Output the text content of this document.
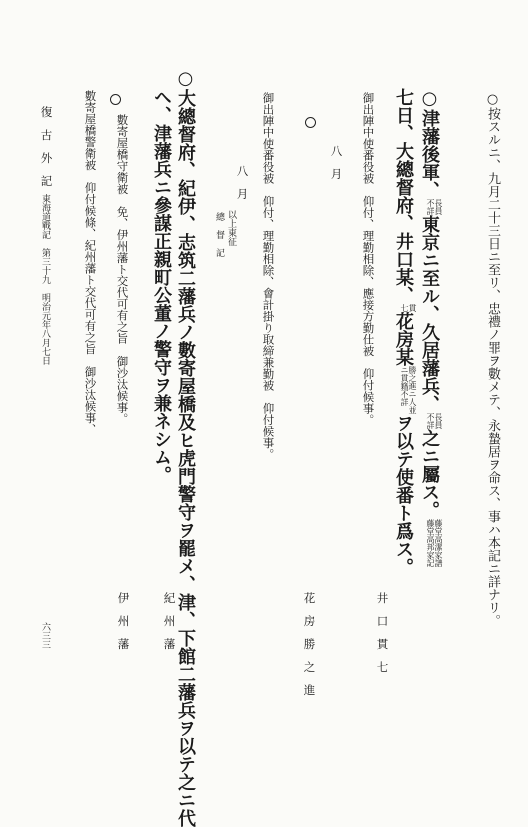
○按スルニ、九月二十三日ニ至リ、忠禮ノ罪ヲ數メテ、永蟄居ヲ命ス、事ハ本記ニ詳ナリ。
○津藩後軍、
長員
不詳
東京ニ至ル、久居藩兵、
長員
不詳
之ニ屬ス。
藤堂高潔家譜
藤堂高邦家記
七日、大總督府、井口某、
貫
七
花房某
勝之進ニ人並
ニ貫籍不詳
ヲ以テ使番ト爲ス。
御出陣中使番役被　仰付、理勤相除、應接方勤仕被　仰付候事。
八　月
井　口　貫　七
花　房　勝　之　進
御出陣中使番役被　仰付、理勤相除、會計掛り取締兼勤被　仰付候事。
八　月
以上東征
總　督　記
○大總督府、紀伊、志筑二藩兵ノ數寄屋橋及ヒ虎門警守ヲ罷メ、津、下館二藩兵ヲ以テ之ニ代
ヘ、津藩兵ニ參謀正親町公董ノ警守ヲ兼ネシム。
數寄屋橋守衛被　免、伊州藩ト交代可有之旨　御沙汰候事。
紀　州　藩
數寄屋橋警衛被　仰付候條、紀州藩ト交代可有之旨　御沙汰候事、
伊　州　藩
復　古　外　記
東海道戰記　第三十九　明治元年八月七日
六三三
